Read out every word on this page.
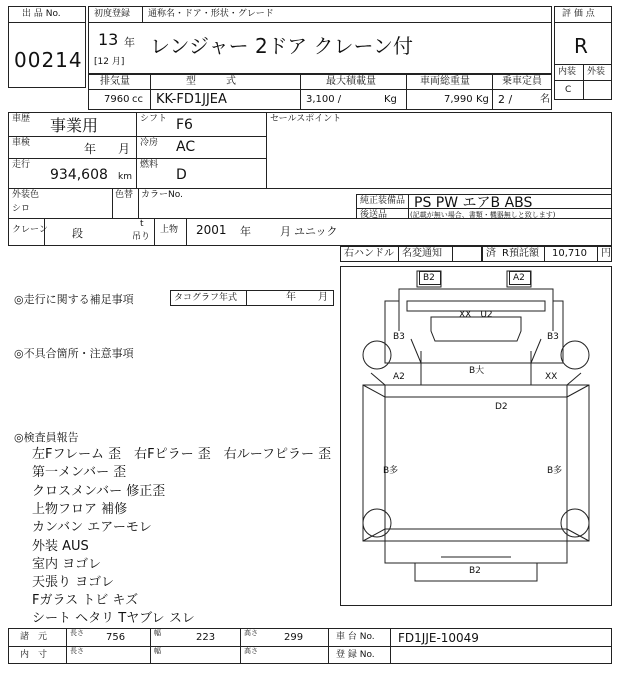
出 品 No.
00214
初度登録 通称名・ドア・形状・グレード
13 年
[12 月]
レンジャー 2ドア クレーン付
評 価 点
R
内装 外装
C
排気量	型　　　式	最大積載量	車両総重量	乗車定員
7960 cc KK-FD1JJEA	3,100 /	Kg	7,990 Kg 2 /	名
車歴 事業用	シフト F6	セールスポイント
車検	年 月 冷房 AC
走行
934,608 km
燃料
D
外装色
シロ
色替 カラーNo.
純正装備品 PS PW エアB ABS
後送品	(記載が無い場合、書類・機器無しと致します)
クレーン 段
t
吊り
上物 2001 年	月 ユニック
右ハンドル 名変通知	済 R預託額 10,710 円
◎走行に関する補足事項	タコグラフ年式	年 月
◎不具合箇所・注意事項
◎検査員報告
左Fフレーム 歪　右Fピラー 歪　右ルーフピラー 歪
第一メンバー 歪
クロスメンバー 修正歪
上物フロア 補修
カンバン エアーモレ
外装 AUS
室内 ヨゴレ
天張り ヨゴレ
Fガラス トビ キズ
シート ヘタリ Tヤブレ スレ
B2	A2
XX　U2
B3	B3
B大
A2	XX
D2
B多	B多
B2
諸　元	長さ 756	幅	223	高さ	299	車 台 No. FD1JJE-10049
内　寸	長さ	幅	高さ	登 録 No.
